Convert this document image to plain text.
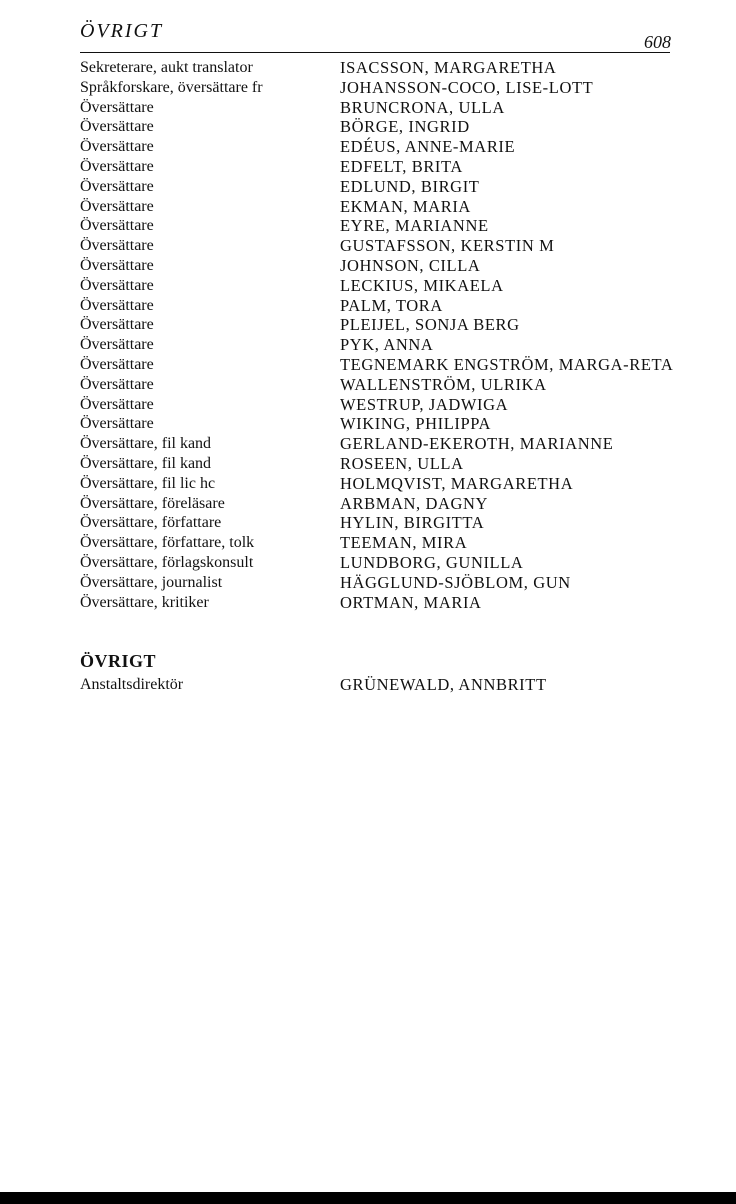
ÖVRIGT	608
Sekreterare, aukt translator	ISACSSON, MARGARETHA
Språkforskare, översättare fr	JOHANSSON-COCO, LISE-LOTT
Översättare	BRUNCRONA, ULLA
Översättare	BÖRGE, INGRID
Översättare	EDÉUS, ANNE-MARIE
Översättare	EDFELT, BRITA
Översättare	EDLUND, BIRGIT
Översättare	EKMAN, MARIA
Översättare	EYRE, MARIANNE
Översättare	GUSTAFSSON, KERSTIN M
Översättare	JOHNSON, CILLA
Översättare	LECKIUS, MIKAELA
Översättare	PALM, TORA
Översättare	PLEIJEL, SONJA BERG
Översättare	PYK, ANNA
Översättare	TEGNEMARK ENGSTRÖM, MARGA-RETA
Översättare	WALLENSTRÖM, ULRIKA
Översättare	WESTRUP, JADWIGA
Översättare	WIKING, PHILIPPA
Översättare, fil kand	GERLAND-EKEROTH, MARIANNE
Översättare, fil kand	ROSEEN, ULLA
Översättare, fil lic hc	HOLMQVIST, MARGARETHA
Översättare, föreläsare	ARBMAN, DAGNY
Översättare, författare	HYLIN, BIRGITTA
Översättare, författare, tolk	TEEMAN, MIRA
Översättare, förlagskonsult	LUNDBORG, GUNILLA
Översättare, journalist	HÄGGLUND-SJÖBLOM, GUN
Översättare, kritiker	ORTMAN, MARIA
ÖVRIGT
Anstaltsdirektör	GRÜNEWALD, ANNBRITT
